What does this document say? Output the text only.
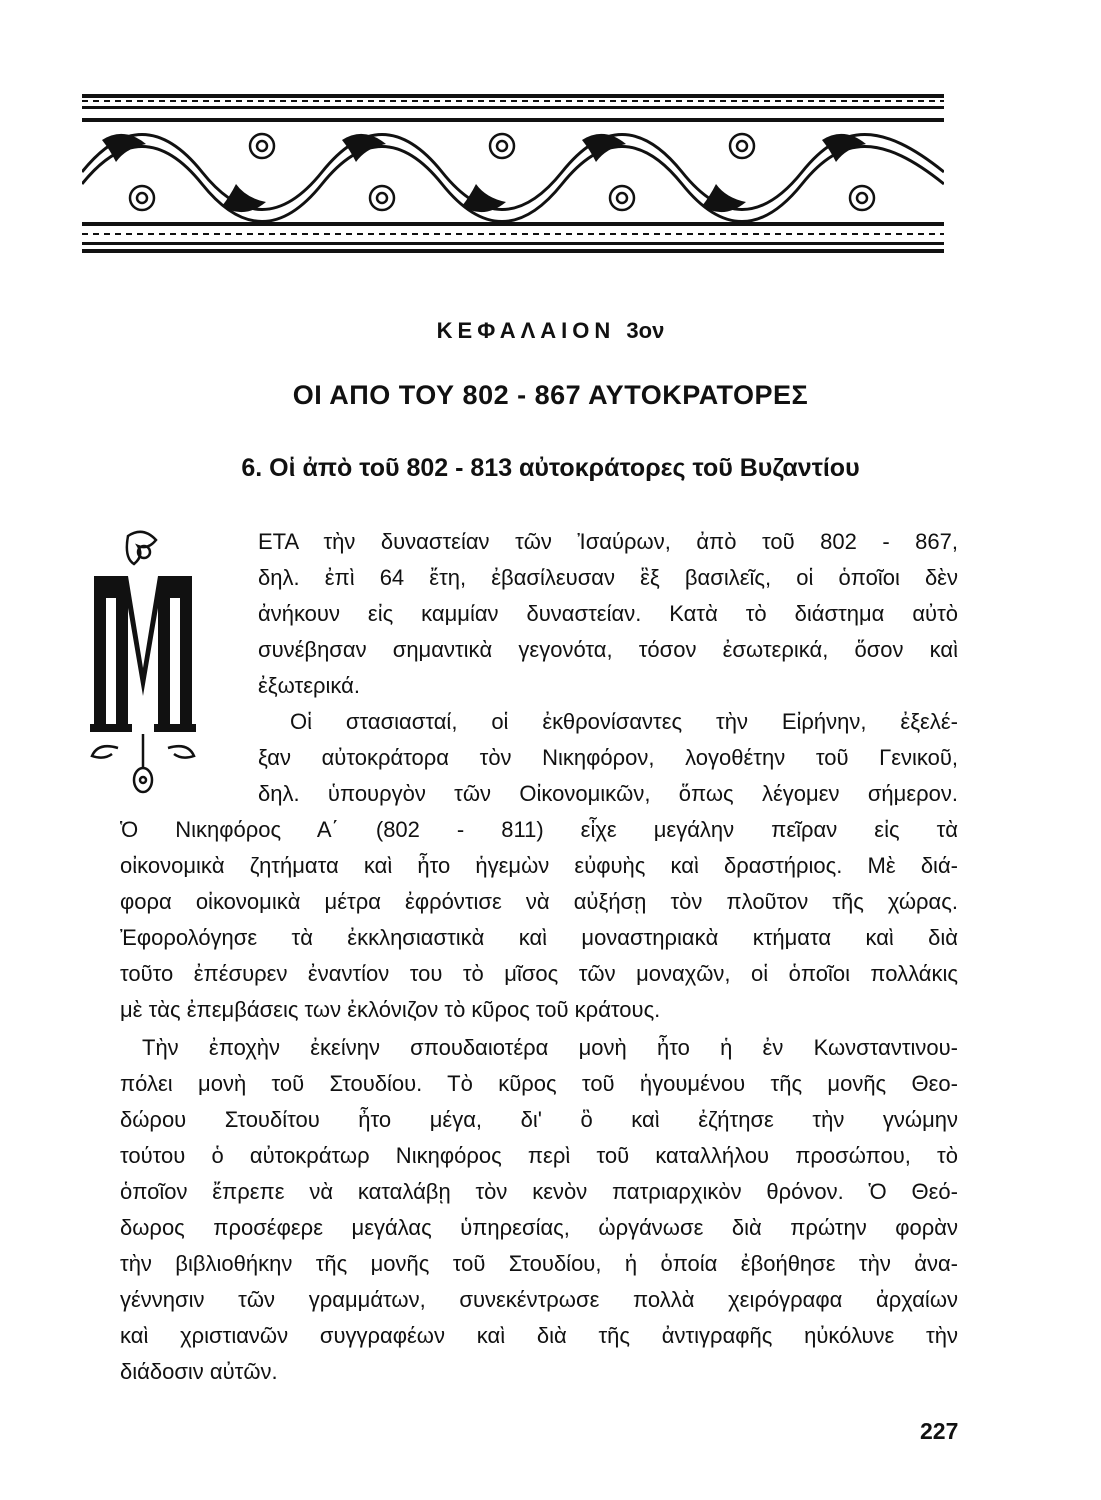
ΚΕΦΑΛΑΙΟΝ 3ον
ΟΙ ΑΠΟ ΤΟΥ 802 - 867 ΑΥΤΟΚΡΑΤΟΡΕΣ
6. Οἱ ἀπὸ τοῦ 802 - 813 αὐτοκράτορες τοῦ Βυζαντίου
ΕΤΑ τὴν δυναστείαν τῶν Ἰσαύρων, ἀπὸ τοῦ 802 - 867,
δηλ. ἐπὶ 64 ἔτη, ἐβασίλευσαν ἓξ βασιλεῖς, οἱ ὁποῖοι δὲν
ἀνήκουν εἰς καμμίαν δυναστείαν. Κατὰ τὸ διάστημα αὐτὸ
συνέβησαν σημαντικὰ γεγονότα, τόσον ἐσωτερικά, ὅσον καὶ
ἐξωτερικά.
Οἱ στασιασταί, οἱ ἐκθρονίσαντες τὴν Εἰρήνην, ἐξελέ-
ξαν αὐτοκράτορα τὸν Νικηφόρον, λογοθέτην τοῦ Γενικοῦ,
δηλ. ὑπουργὸν τῶν Οἰκονομικῶν, ὅπως λέγομεν σήμερον.
Ὁ Νικηφόρος Α΄ (802 - 811) εἶχε μεγάλην πεῖραν εἰς τὰ
οἰκονομικὰ ζητήματα καὶ ἦτο ἡγεμὼν εὐφυὴς καὶ δραστήριος. Μὲ διά-
φορα οἰκονομικὰ μέτρα ἐφρόντισε νὰ αὐξήσῃ τὸν πλοῦτον τῆς χώρας.
Ἐφορολόγησε τὰ ἐκκλησιαστικὰ καὶ μοναστηριακὰ κτήματα καὶ διὰ
τοῦτο ἐπέσυρεν ἐναντίον του τὸ μῖσος τῶν μοναχῶν, οἱ ὁποῖοι πολλάκις
μὲ τὰς ἐπεμβάσεις των ἐκλόνιζον τὸ κῦρος τοῦ κράτους.
Τὴν ἐποχὴν ἐκείνην σπουδαιοτέρα μονὴ ἦτο ἡ ἐν Κωνσταντινου-
πόλει μονὴ τοῦ Στουδίου. Τὸ κῦρος τοῦ ἡγουμένου τῆς μονῆς Θεο-
δώρου Στουδίτου ἦτο μέγα, δι' ὃ καὶ ἐζήτησε τὴν γνώμην
τούτου ὁ αὐτοκράτωρ Νικηφόρος περὶ τοῦ καταλλήλου προσώπου, τὸ
ὁποῖον ἔπρεπε νὰ καταλάβῃ τὸν κενὸν πατριαρχικὸν θρόνον. Ὁ Θεό-
δωρος προσέφερε μεγάλας ὑπηρεσίας, ὠργάνωσε διὰ πρώτην φορὰν
τὴν βιβλιοθήκην τῆς μονῆς τοῦ Στουδίου, ἡ ὁποία ἐβοήθησε τὴν ἀνα-
γέννησιν τῶν γραμμάτων, συνεκέντρωσε πολλὰ χειρόγραφα ἀρχαίων
καὶ χριστιανῶν συγγραφέων καὶ διὰ τῆς ἀντιγραφῆς ηὐκόλυνε τὴν
διάδοσιν αὐτῶν.
227
